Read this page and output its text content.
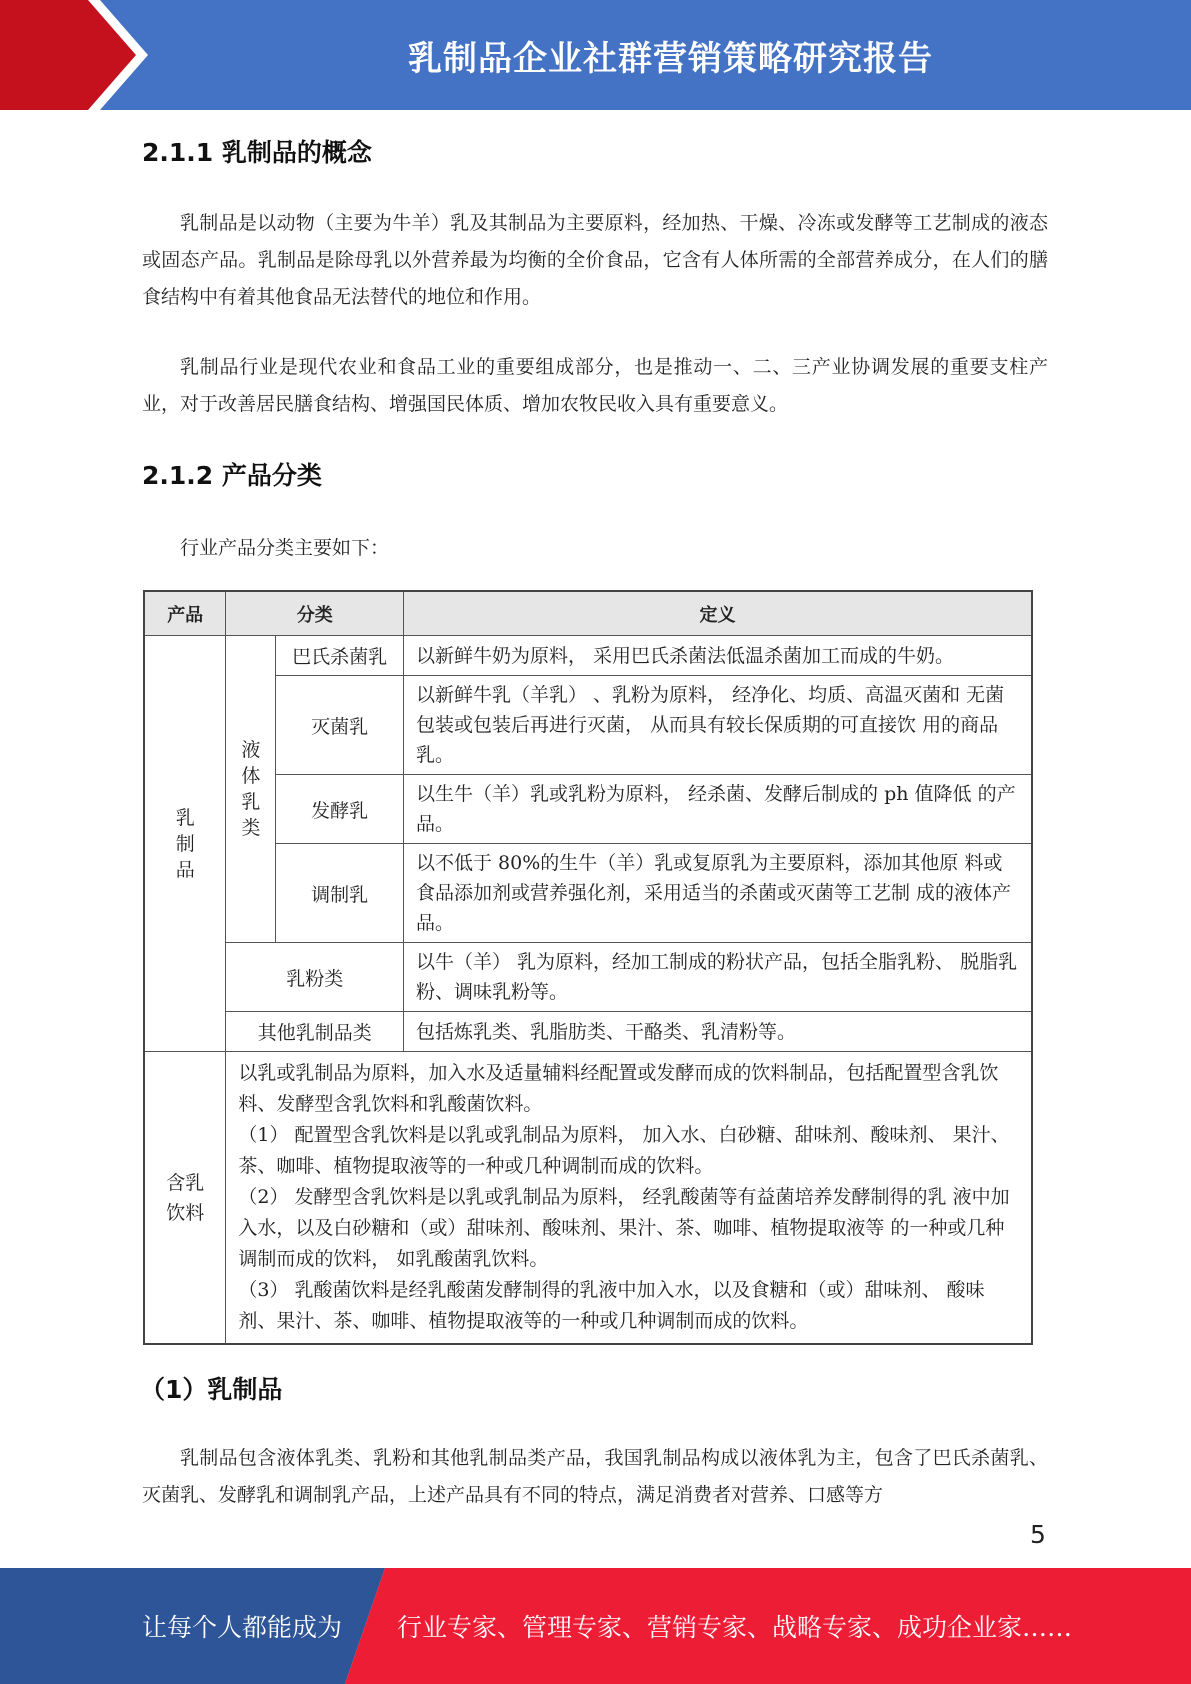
乳制品企业社群营销策略研究报告
2.1.1 乳制品的概念

乳制品是以动物（主要为牛羊）乳及其制品为主要原料，经加热、干燥、冷冻或发酵等工艺制成的液态或固态产品。乳制品是除母乳以外营养最为均衡的全价食品，它含有人体所需的全部营养成分，在人们的膳食结构中有着其他食品无法替代的地位和作用。

乳制品行业是现代农业和食品工业的重要组成部分，也是推动一、二、三产业协调发展的重要支柱产业，对于改善居民膳食结构、增强国民体质、增加农牧民收入具有重要意义。

2.1.2 产品分类
行业产品分类主要如下：
产品	分类		定义

乳制品	液体乳类	巴氏杀菌乳	以新鲜牛奶为原料， 采用巴氏杀菌法低温杀菌加工而成的牛奶。
		灭菌乳	以新鲜牛乳（羊乳） 、乳粉为原料， 经净化、均质、高温灭菌和 无菌包装或包装后再进行灭菌， 从而具有较长保质期的可直接饮 用的商品乳。
		发酵乳	以生牛（羊）乳或乳粉为原料， 经杀菌、发酵后制成的 ph 值降低 的产品。
		调制乳	以不低于 80%的生牛（羊）乳或复原乳为主要原料，添加其他原 料或食品添加剂或营养强化剂，采用适当的杀菌或灭菌等工艺制 成的液体产品。
	乳粉类		以牛（羊） 乳为原料，经加工制成的粉状产品，包括全脂乳粉、 脱脂乳粉、调味乳粉等。
	其他乳制品类		包括炼乳类、乳脂肪类、干酪类、乳清粉等。

含乳饮料	以乳或乳制品为原料，加入水及适量辅料经配置或发酵而成的饮料制品，包括配置型含乳饮料、发酵型含乳饮料和乳酸菌饮料。

（1） 配置型含乳饮料是以乳或乳制品为原料， 加入水、白砂糖、甜味剂、酸味剂、 果汁、茶、咖啡、植物提取液等的一种或几种调制而成的饮料。

（2） 发酵型含乳饮料是以乳或乳制品为原料， 经乳酸菌等有益菌培养发酵制得的乳 液中加入水，以及白砂糖和（或）甜味剂、酸味剂、果汁、茶、咖啡、植物提取液等 的一种或几种调制而成的饮料， 如乳酸菌乳饮料。

（3） 乳酸菌饮料是经乳酸菌发酵制得的乳液中加入水，以及食糖和（或）甜味剂、 酸味剂、果汁、茶、咖啡、植物提取液等的一种或几种调制而成的饮料。		

（1）乳制品

乳制品包含液体乳类、乳粉和其他乳制品类产品，我国乳制品构成以液体乳为主，包含了巴氏杀菌乳、灭菌乳、发酵乳和调制乳产品，上述产品具有不同的特点，满足消费者对营养、口感等方

5
让每个人都能成为 行业专家、管理专家、营销专家、战略专家、成功企业家……
